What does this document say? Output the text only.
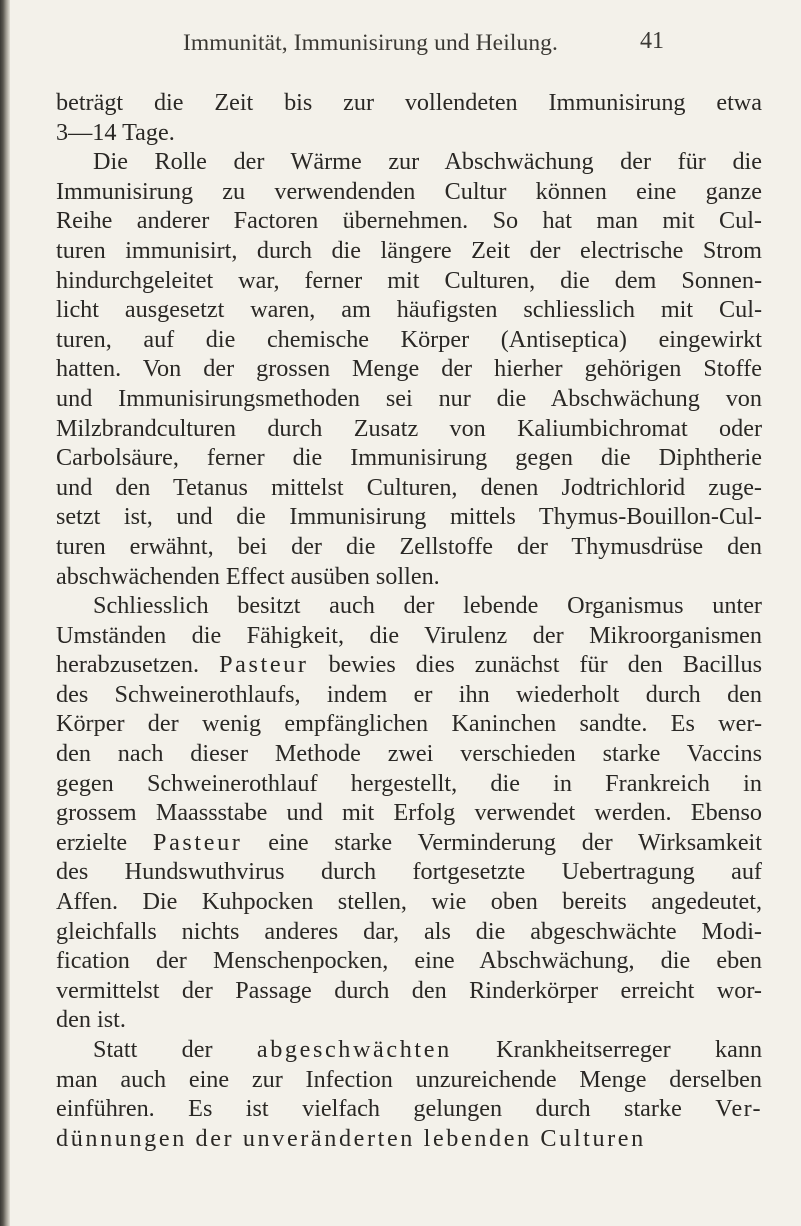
Immunität, Immunisirung und Heilung.	41
beträgt die Zeit bis zur vollendeten Immunisirung etwa
3—14 Tage.
Die Rolle der Wärme zur Abschwächung der für die
Immunisirung zu verwendenden Cultur können eine ganze
Reihe anderer Factoren übernehmen. So hat man mit Cul-
turen immunisirt, durch die längere Zeit der electrische Strom
hindurchgeleitet war, ferner mit Culturen, die dem Sonnen-
licht ausgesetzt waren, am häufigsten schliesslich mit Cul-
turen, auf die chemische Körper (Antiseptica) eingewirkt
hatten. Von der grossen Menge der hierher gehörigen Stoffe
und Immunisirungsmethoden sei nur die Abschwächung von
Milzbrandculturen durch Zusatz von Kaliumbichromat oder
Carbolsäure, ferner die Immunisirung gegen die Diphtherie
und den Tetanus mittelst Culturen, denen Jodtrichlorid zuge-
setzt ist, und die Immunisirung mittels Thymus-Bouillon-Cul-
turen erwähnt, bei der die Zellstoffe der Thymusdrüse den
abschwächenden Effect ausüben sollen.
Schliesslich besitzt auch der lebende Organismus unter
Umständen die Fähigkeit, die Virulenz der Mikroorganismen
herabzusetzen. Pasteur bewies dies zunächst für den Bacillus
des Schweinerothlaufs, indem er ihn wiederholt durch den
Körper der wenig empfänglichen Kaninchen sandte. Es wer-
den nach dieser Methode zwei verschieden starke Vaccins
gegen Schweinerothlauf hergestellt, die in Frankreich in
grossem Maassstabe und mit Erfolg verwendet werden. Ebenso
erzielte Pasteur eine starke Verminderung der Wirksamkeit
des Hundswuthvirus durch fortgesetzte Uebertragung auf
Affen. Die Kuhpocken stellen, wie oben bereits angedeutet,
gleichfalls nichts anderes dar, als die abgeschwächte Modi-
fication der Menschenpocken, eine Abschwächung, die eben
vermittelst der Passage durch den Rinderkörper erreicht wor-
den ist.
Statt der abgeschwächten Krankheitserreger kann
man auch eine zur Infection unzureichende Menge derselben
einführen. Es ist vielfach gelungen durch starke Ver-
dünnungen der unveränderten lebenden Culturen
